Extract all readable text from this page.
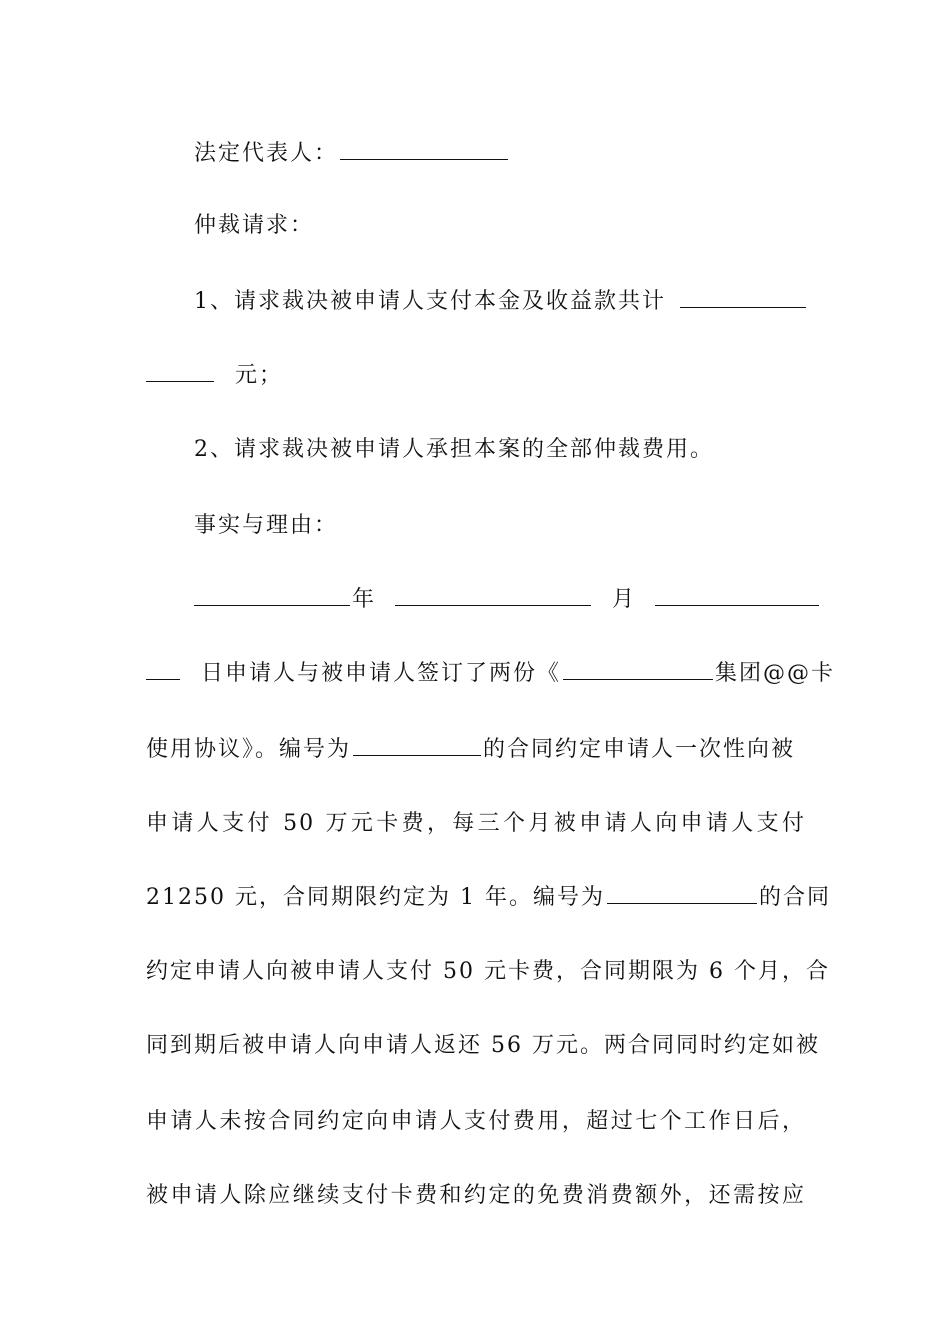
法定代表人：
仲裁请求：
1、请求裁决被申请人支付本金及收益款共计
元；
2、请求裁决被申请人承担本案的全部仲裁费用。
事实与理由：
年	月
日申请人与被申请人签订了两份《	集团@@卡
使用协议》。编号为	的合同约定申请人一次性向被
申请人支付 50 万元卡费，每三个月被申请人向申请人支付
21250 元，合同期限约定为 1 年。编号为	的合同
约定申请人向被申请人支付 50 元卡费，合同期限为 6 个月，合
同到期后被申请人向申请人返还 56 万元。两合同同时约定如被
申请人未按合同约定向申请人支付费用，超过七个工作日后，
被申请人除应继续支付卡费和约定的免费消费额外，还需按应
